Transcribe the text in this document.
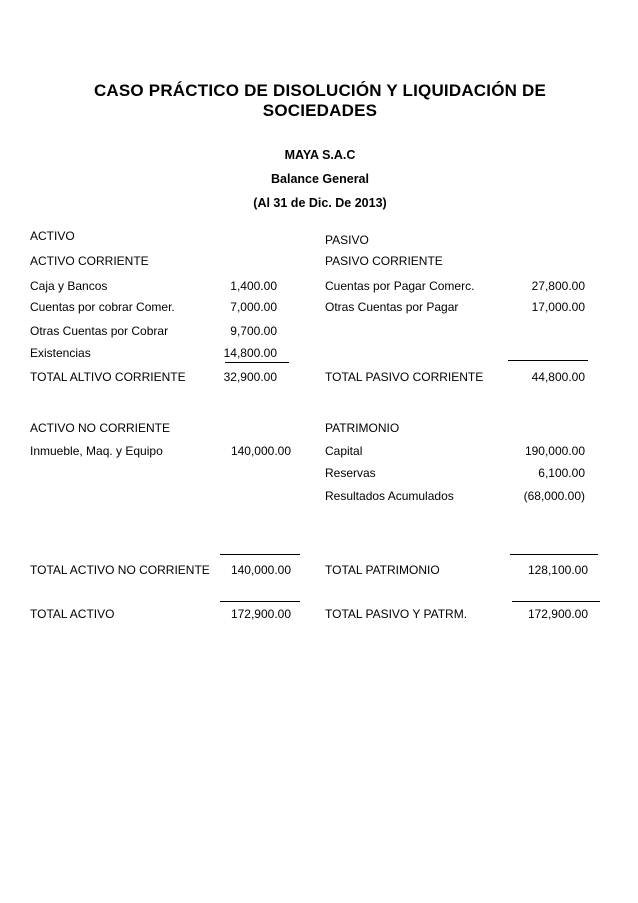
CASO PRÁCTICO DE DISOLUCIÓN Y LIQUIDACIÓN DE
SOCIEDADES
MAYA S.A.C
Balance General
(Al 31 de Dic. De 2013)
ACTIVO
ACTIVO CORRIENTE
Caja y Bancos	1,400.00
Cuentas por cobrar Comer.	7,000.00
Otras Cuentas por Cobrar	9,700.00
Existencias	14,800.00
TOTAL ALTIVO CORRIENTE	32,900.00
ACTIVO NO CORRIENTE
Inmueble, Maq. y Equipo	140,000.00
TOTAL ACTIVO NO CORRIENTE 140,000.00
TOTAL ACTIVO	172,900.00
PASIVO
PASIVO CORRIENTE
Cuentas por Pagar Comerc.	27,800.00
Otras Cuentas por Pagar	17,000.00
TOTAL PASIVO CORRIENTE	44,800.00
PATRIMONIO
Capital	190,000.00
Reservas	6,100.00
Resultados Acumulados	(68,000.00)
TOTAL PATRIMONIO	128,100.00
TOTAL PASIVO Y PATRM.	172,900.00
